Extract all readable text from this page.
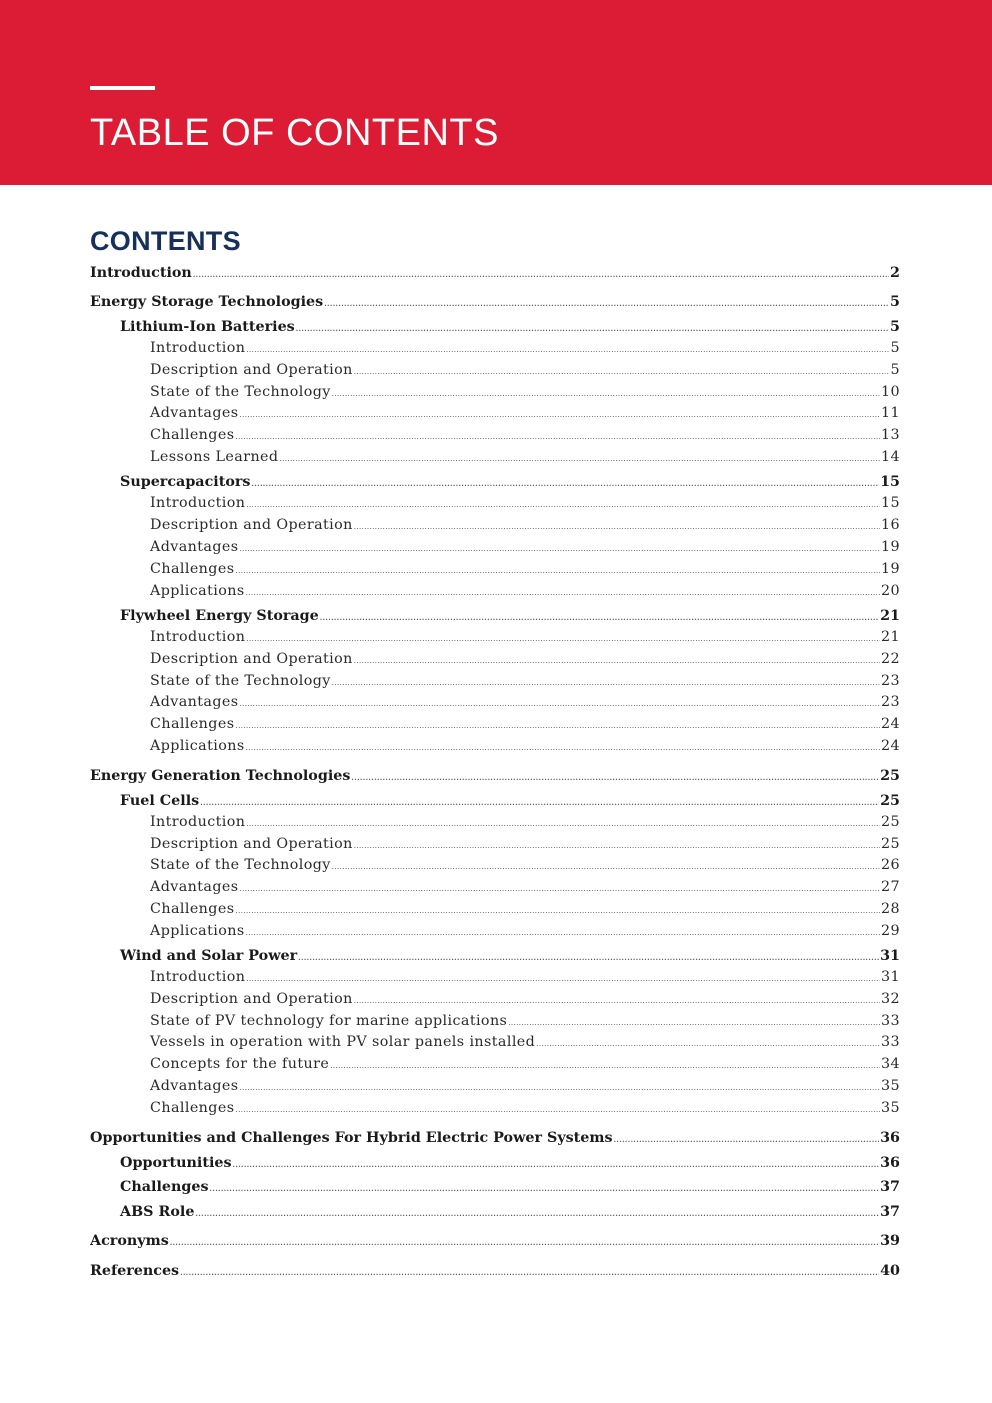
TABLE OF CONTENTS
CONTENTS
Introduction .....	2
Energy Storage Technologies .....	5
Lithium-Ion Batteries .....	5
Introduction .....	5
Description and Operation .....	5
State of the Technology .....	10
Advantages .....	11
Challenges .....	13
Lessons Learned .....	14
Supercapacitors .....	15
Introduction .....	15
Description and Operation .....	16
Advantages .....	19
Challenges .....	19
Applications .....	20
Flywheel Energy Storage .....	21
Introduction .....	21
Description and Operation .....	22
State of the Technology .....	23
Advantages .....	23
Challenges .....	24
Applications .....	24
Energy Generation Technologies .....	25
Fuel Cells .....	25
Introduction .....	25
Description and Operation .....	25
State of the Technology .....	26
Advantages .....	27
Challenges .....	28
Applications .....	29
Wind and Solar Power .....	31
Introduction .....	31
Description and Operation .....	32
State of PV technology for marine applications .....	33
Vessels in operation with PV solar panels installed .....	33
Concepts for the future .....	34
Advantages .....	35
Challenges .....	35
Opportunities and Challenges For Hybrid Electric Power Systems .....	36
Opportunities .....	36
Challenges .....	37
ABS Role .....	37
Acronyms .....	39
References .....	40
